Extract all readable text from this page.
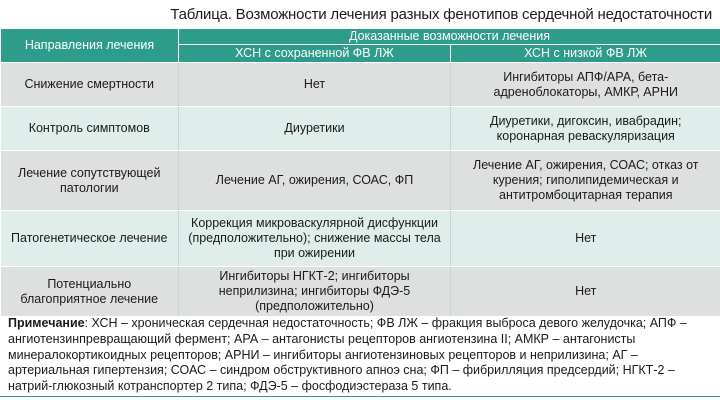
Таблица. Возможности лечения разных фенотипов сердечной недостаточности
Направления лечения	Доказанные возможности лечения	
	ХСН с сохраненной ФВ ЛЖ	ХСН с низкой ФВ ЛЖ
Снижение смертности	Нет	Ингибиторы АПФ/АРА, бета-адреноблокаторы, АМКР, АРНИ
Контроль симптомов	Диуретики	Диуретики, дигоксин, ивабрадин; коронарная реваскуляризация
Лечение сопутствующей патологии	Лечение АГ, ожирения, СОАС, ФП	Лечение АГ, ожирения, СОАС; отказ от курения; гиполипидемическая и антитромбоцитарная терапия
Патогенетическое лечение	Коррекция микроваскулярной дисфункции (предположительно); снижение массы тела при ожирении	Нет
Потенциально благоприятное лечение	Ингибиторы НГКТ-2; ингибиторы неприлизина; ингибиторы ФДЭ-5 (предположительно)	Нет
Примечание: ХСН – хроническая сердечная недостаточность; ФВ ЛЖ – фракция выброса девого желудочка; АПФ – ангиотензинпревращающий фермент; АРА – антагонисты рецепторов ангиотензина II; АМКР – антагонисты минералокортикоидных рецепторов; АРНИ – ингибиторы ангиотензиновых рецепторов и неприлизина; АГ – артериальная гипертензия; СОАС – синдром обструктивного апноэ сна; ФП – фибрилляция предсердий; НГКТ-2 – натрий-глюкозный котранспортер 2 типа; ФДЭ-5 – фосфодиэстераза 5 типа.
